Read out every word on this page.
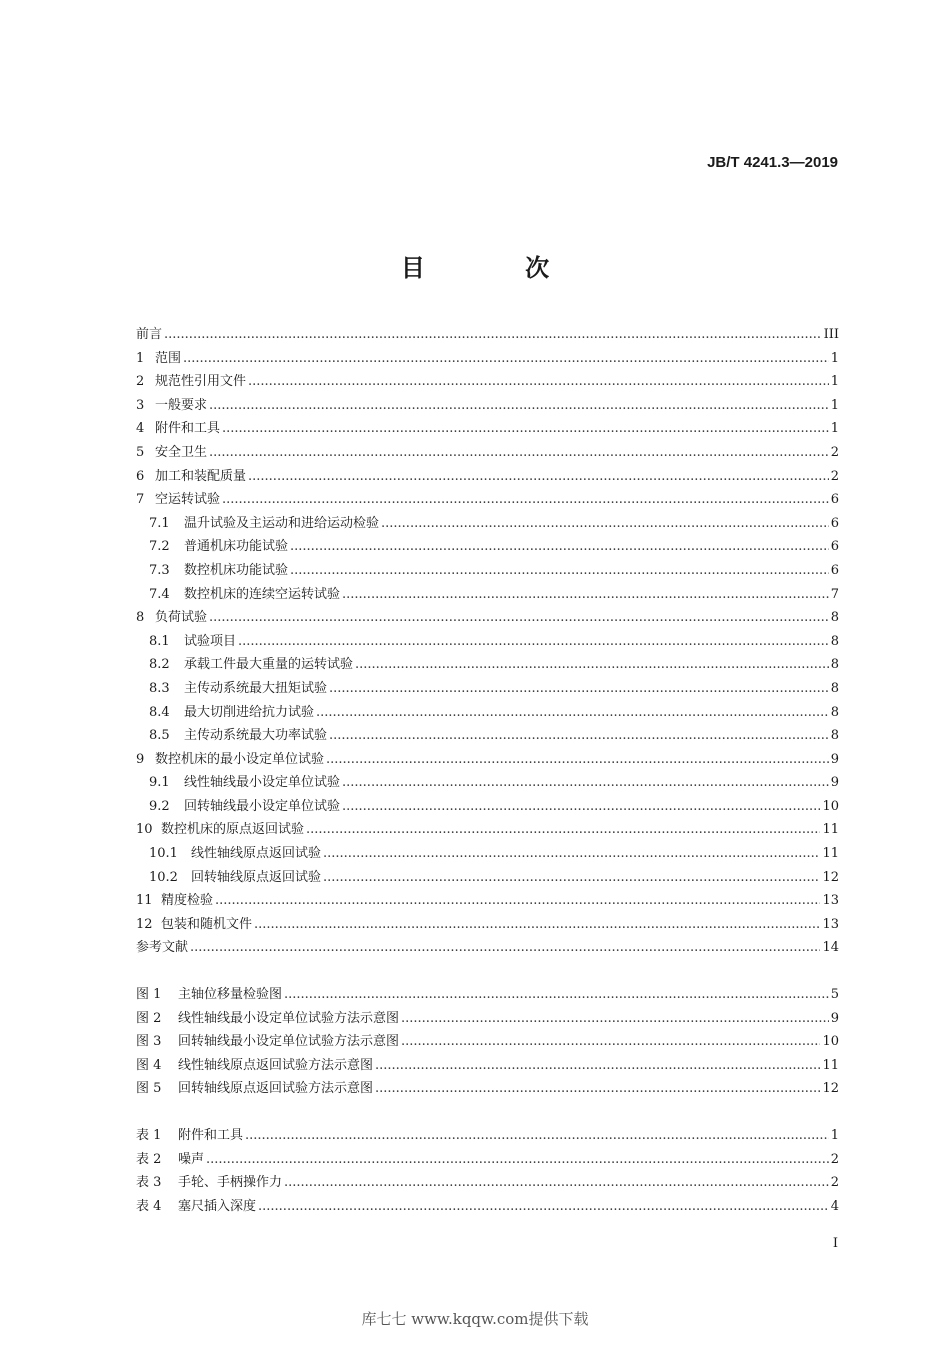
JB/T 4241.3—2019
目 次
前言 .....	III
1 范围 .....	1
2 规范性引用文件 .....	1
3 一般要求 .....	1
4 附件和工具 .....	1
5 安全卫生 .....	2
6 加工和装配质量 .....	2
7 空运转试验 .....	6
7.1	温升试验及主运动和进给运动检验 .....	6
7.2	普通机床功能试验 .....	6
7.3	数控机床功能试验 .....	6
7.4	数控机床的连续空运转试验 .....	7
8 负荷试验 .....	8
8.1	试验项目 .....	8
8.2	承载工件最大重量的运转试验 .....	8
8.3	主传动系统最大扭矩试验 .....	8
8.4	最大切削进给抗力试验 .....	8
8.5	主传动系统最大功率试验 .....	8
9 数控机床的最小设定单位试验 .....	9
9.1	线性轴线最小设定单位试验 .....	9
9.2	回转轴线最小设定单位试验 .....	10
10 数控机床的原点返回试验 .....	11
10.1	线性轴线原点返回试验 .....	11
10.2	回转轴线原点返回试验 .....	12
11 精度检验 .....	13
12 包装和随机文件 .....	13
参考文献 .....	14
图 1	主轴位移量检验图 .....	5
图 2	线性轴线最小设定单位试验方法示意图 .....	9
图 3	回转轴线最小设定单位试验方法示意图 .....	10
图 4	线性轴线原点返回试验方法示意图 .....	11
图 5	回转轴线原点返回试验方法示意图 .....	12
表 1	附件和工具 .....	1
表 2	噪声 .....	2
表 3	手轮、手柄操作力 .....	2
表 4	塞尺插入深度 .....	4
I
库七七 www.kqqw.com提供下载
